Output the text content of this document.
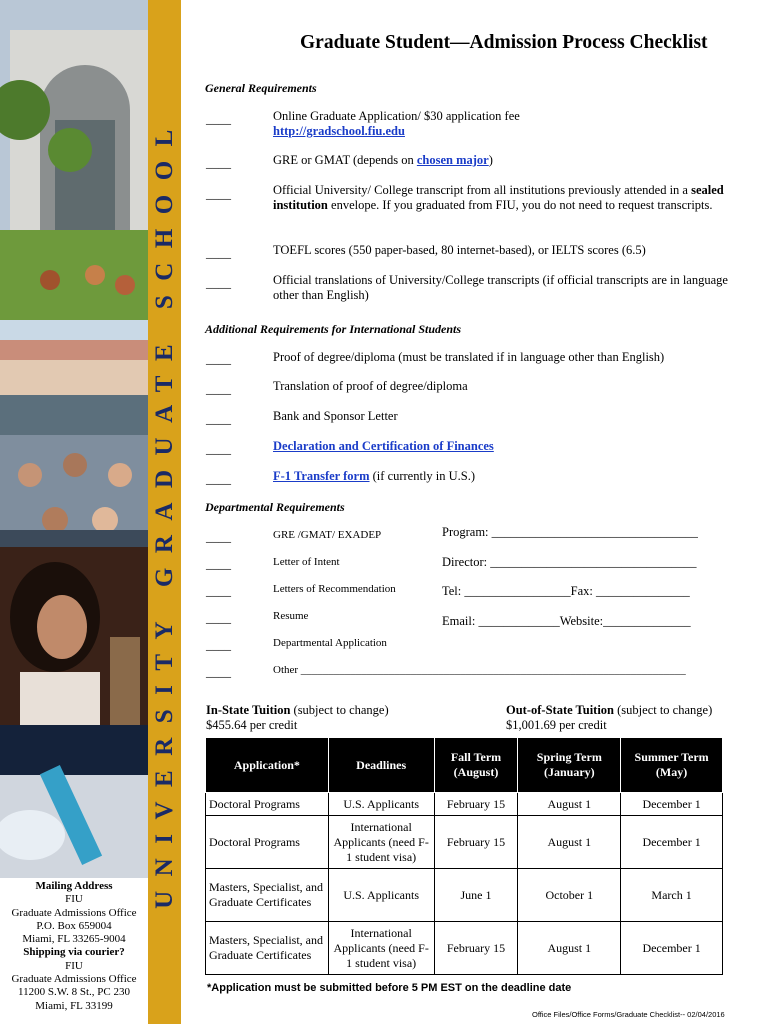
UNIVERSITY GRADUATE SCHOOL
Mailing Address
FIU
Graduate Admissions Office
P.O. Box 659004
Miami, FL 33265-9004
Shipping via courier?
FIU
Graduate Admissions Office
11200 S.W. 8 St., PC 230
Miami, FL 33199
Graduate Student—Admission Process Checklist
General Requirements
____	Online Graduate Application/ $30 application fee
http://gradschool.fiu.edu
____	GRE or GMAT (depends on chosen major)
____	Official University/ College transcript from all institutions previously attended in a sealed institution envelope. If you graduated from FIU, you do not need to request transcripts.
____	TOEFL scores (550 paper-based, 80 internet-based), or IELTS scores (6.5)
____	Official translations of University/College transcripts (if official transcripts are in language other than English)
Additional Requirements for International Students
____	Proof of degree/diploma (must be translated if in language other than English)
____	Translation of proof of degree/diploma
____	Bank and Sponsor Letter
____	Declaration and Certification of Finances
____	F-1 Transfer form (if currently in U.S.)
Departmental Requirements
____	GRE /GMAT/ EXADEP
____	Letter of Intent
____	Letters of Recommendation
____	Resume
____	Departmental Application
____	Other ______________________________________________________________________
Program: _________________________________
Director: _________________________________
Tel: _________________Fax: _______________
Email: _____________Website:______________
In-State Tuition (subject to change)
$455.64 per credit
Out-of-State Tuition (subject to change)
$1,001.69 per credit
Application*	Deadlines	Fall Term (August)	Spring Term (January)	Summer Term (May)
Doctoral Programs	U.S. Applicants	February 15	August 1	December 1
Doctoral Programs	International Applicants (need F-1 student visa)	February 15	August 1	December 1
Masters, Specialist, and Graduate Certificates	U.S. Applicants	June 1	October 1	March 1
Masters, Specialist, and Graduate Certificates	International Applicants (need F-1 student visa)	February 15	August 1	December 1
*Application must be submitted before 5 PM EST on the deadline date
Office Files/Office Forms/Graduate Checklist-- 02/04/2016
